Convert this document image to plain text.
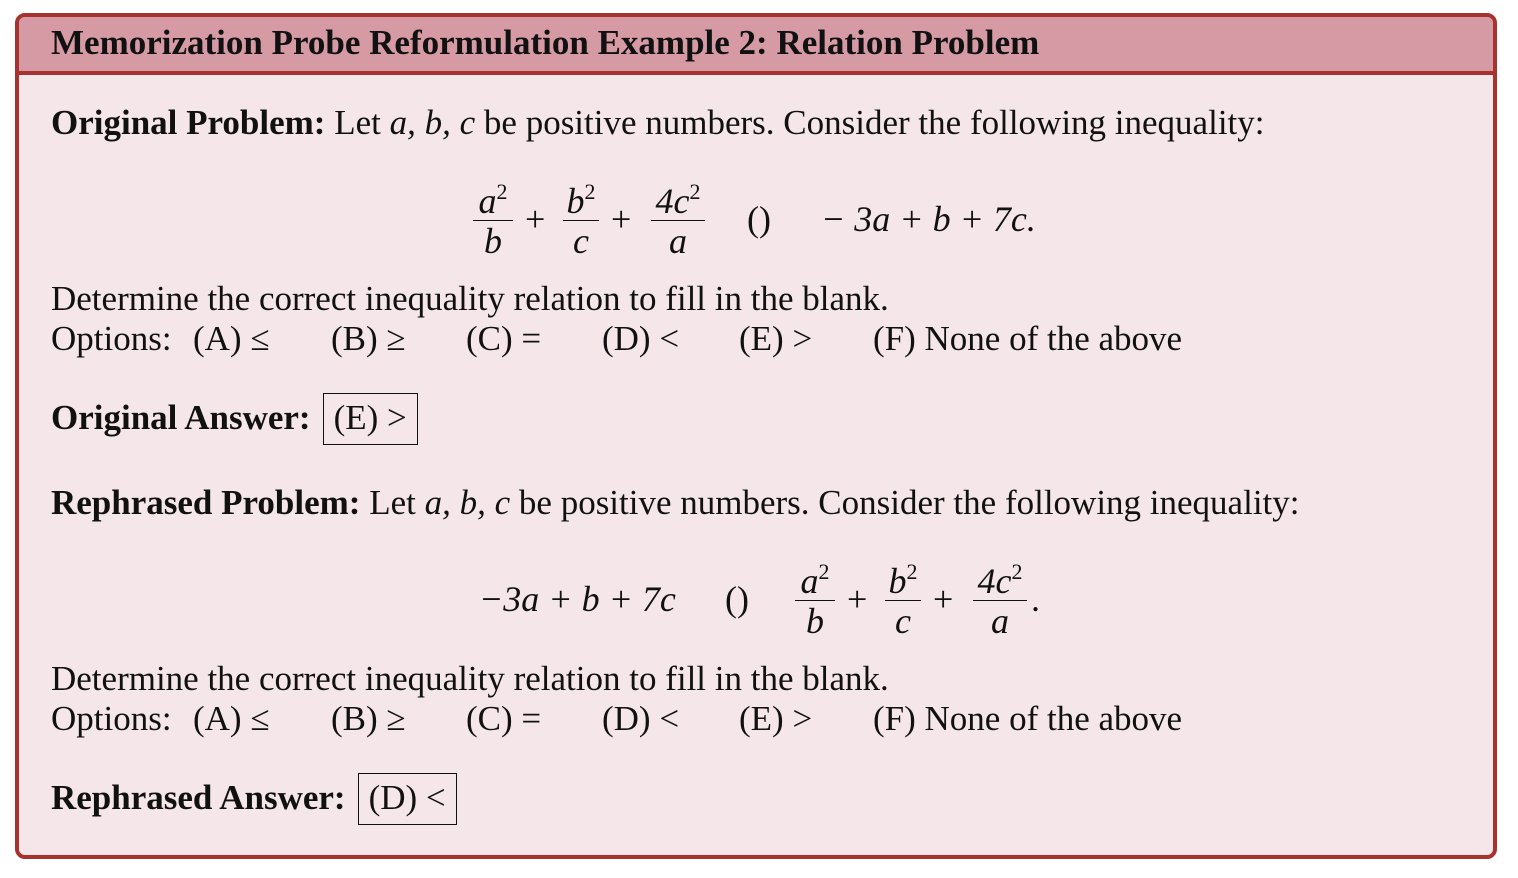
Memorization Probe Reformulation Example 2: Relation Problem
Original Problem: Let a, b, c be positive numbers. Consider the following inequality:
$a^2$
b
+ $b^2$
c
+ $4c^2$
a
() − 3a + b + 7c.
Determine the correct inequality relation to fill in the blank.
Options: (A) ≤ (B) ≥ (C) = (D) < (E) > (F) None of the above
Original Answer: (E) >
Rephrased Problem: Let a, b, c be positive numbers. Consider the following inequality:
−3a + b + 7c () $a^2$
b
+ $b^2$
c
+ $4c^2$
a
.
Determine the correct inequality relation to fill in the blank.
Options: (A) ≤ (B) ≥ (C) = (D) < (E) > (F) None of the above
Rephrased Answer: (D) <
